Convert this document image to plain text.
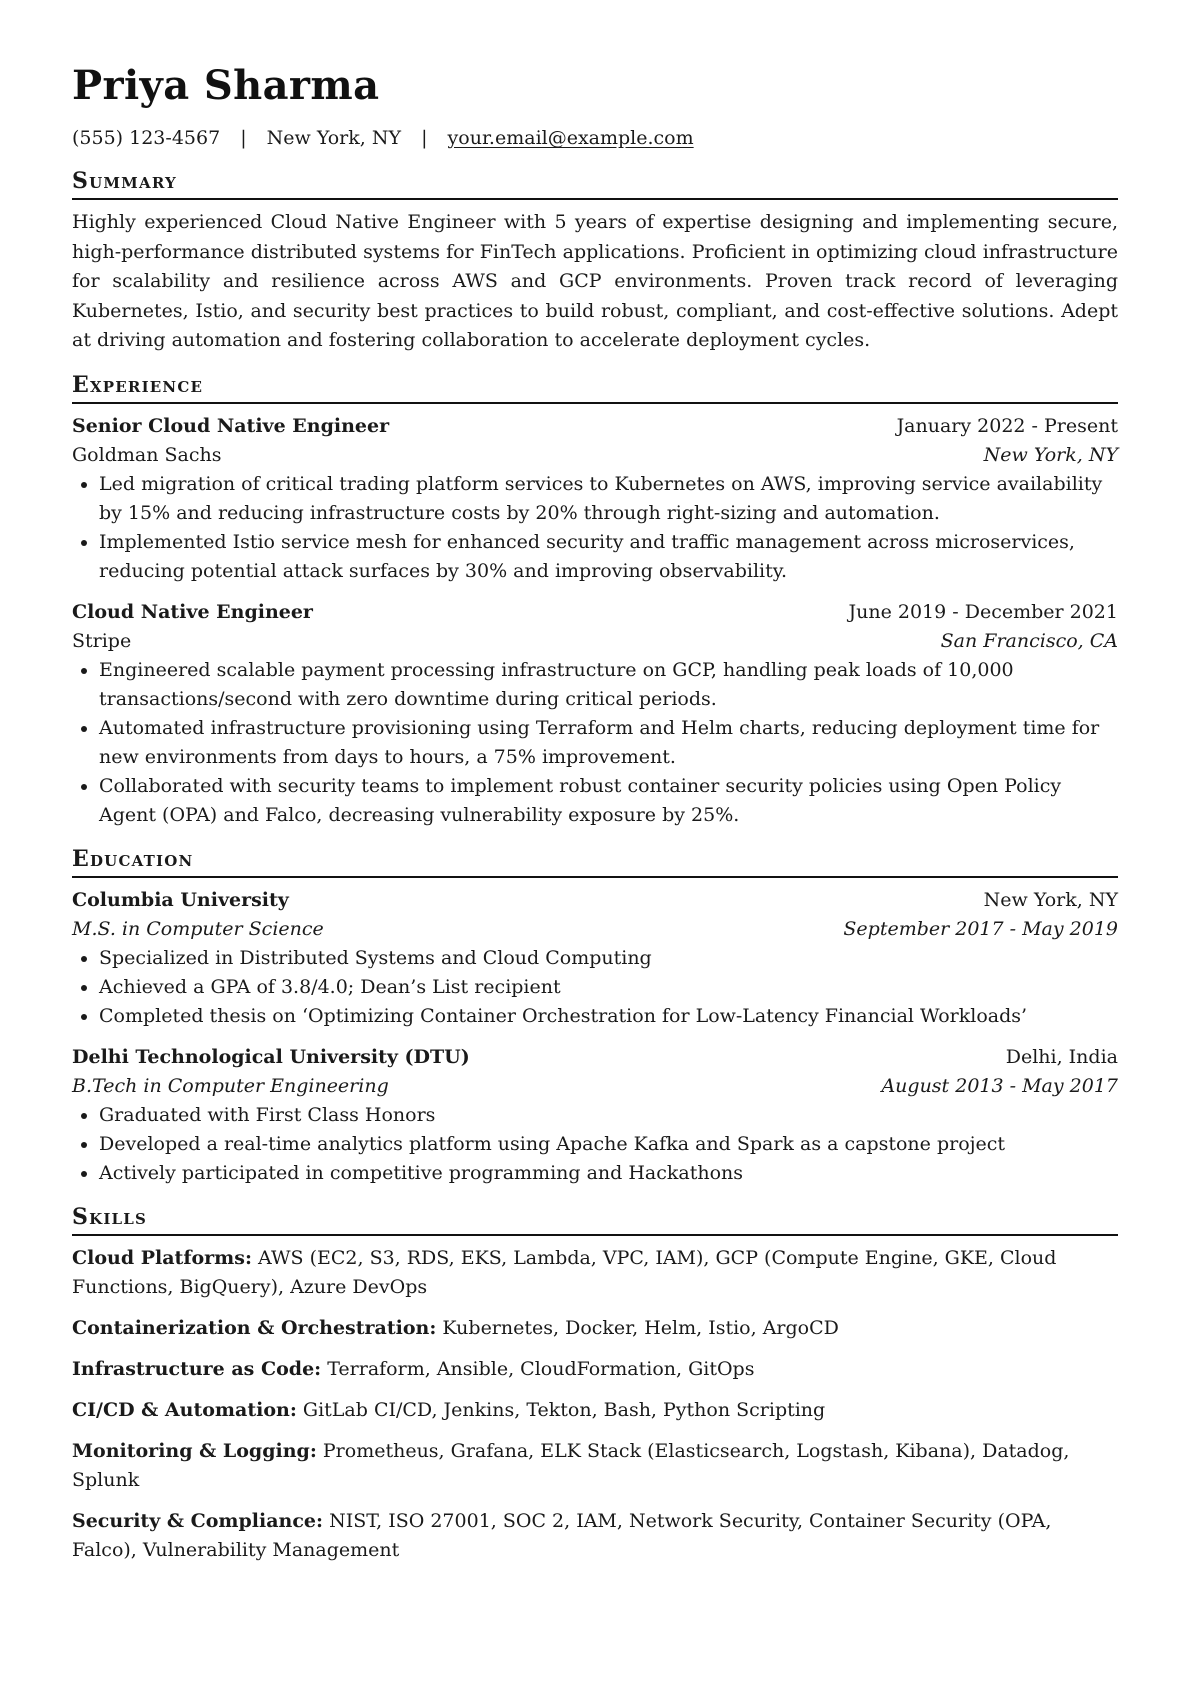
Priya Sharma
(555) 123-4567 | New York, NY | your.email@example.com
Summary

Highly experienced Cloud Native Engineer with 5 years of expertise designing and implementing secure, high-performance distributed systems for FinTech applications. Proficient in optimizing cloud infrastructure for scalability and resilience across AWS and GCP environments. Proven track record of leveraging Kubernetes, Istio, and security best practices to build robust, compliant, and cost-effective solutions. Adept at driving automation and fostering collaboration to accelerate deployment cycles.

Experience
Senior Cloud Native Engineer	January 2022 - Present
Goldman Sachs	New York, NY
• Led migration of critical trading platform services to Kubernetes on AWS, improving service availability by 15% and reducing infrastructure costs by 20% through right-sizing and automation.
• Implemented Istio service mesh for enhanced security and traffic management across microservices, reducing potential attack surfaces by 30% and improving observability.
Cloud Native Engineer	June 2019 - December 2021
Stripe	San Francisco, CA
• Engineered scalable payment processing infrastructure on GCP, handling peak loads of 10,000 transactions/second with zero downtime during critical periods.
• Automated infrastructure provisioning using Terraform and Helm charts, reducing deployment time for new environments from days to hours, a 75% improvement.
• Collaborated with security teams to implement robust container security policies using Open Policy Agent (OPA) and Falco, decreasing vulnerability exposure by 25%.
Education
Columbia University	New York, NY
M.S. in Computer Science	September 2017 - May 2019
• Specialized in Distributed Systems and Cloud Computing
• Achieved a GPA of 3.8/4.0; Dean’s List recipient
• Completed thesis on ‘Optimizing Container Orchestration for Low-Latency Financial Workloads’
Delhi Technological University (DTU)	Delhi, India
B.Tech in Computer Engineering	August 2013 - May 2017
• Graduated with First Class Honors
• Developed a real-time analytics platform using Apache Kafka and Spark as a capstone project
• Actively participated in competitive programming and Hackathons
Skills
Cloud Platforms: AWS (EC2, S3, RDS, EKS, Lambda, VPC, IAM), GCP (Compute Engine, GKE, Cloud Functions, BigQuery), Azure DevOps
Containerization & Orchestration: Kubernetes, Docker, Helm, Istio, ArgoCD
Infrastructure as Code: Terraform, Ansible, CloudFormation, GitOps
CI/CD & Automation: GitLab CI/CD, Jenkins, Tekton, Bash, Python Scripting
Monitoring & Logging: Prometheus, Grafana, ELK Stack (Elasticsearch, Logstash, Kibana), Datadog, Splunk
Security & Compliance: NIST, ISO 27001, SOC 2, IAM, Network Security, Container Security (OPA, Falco), Vulnerability Management
